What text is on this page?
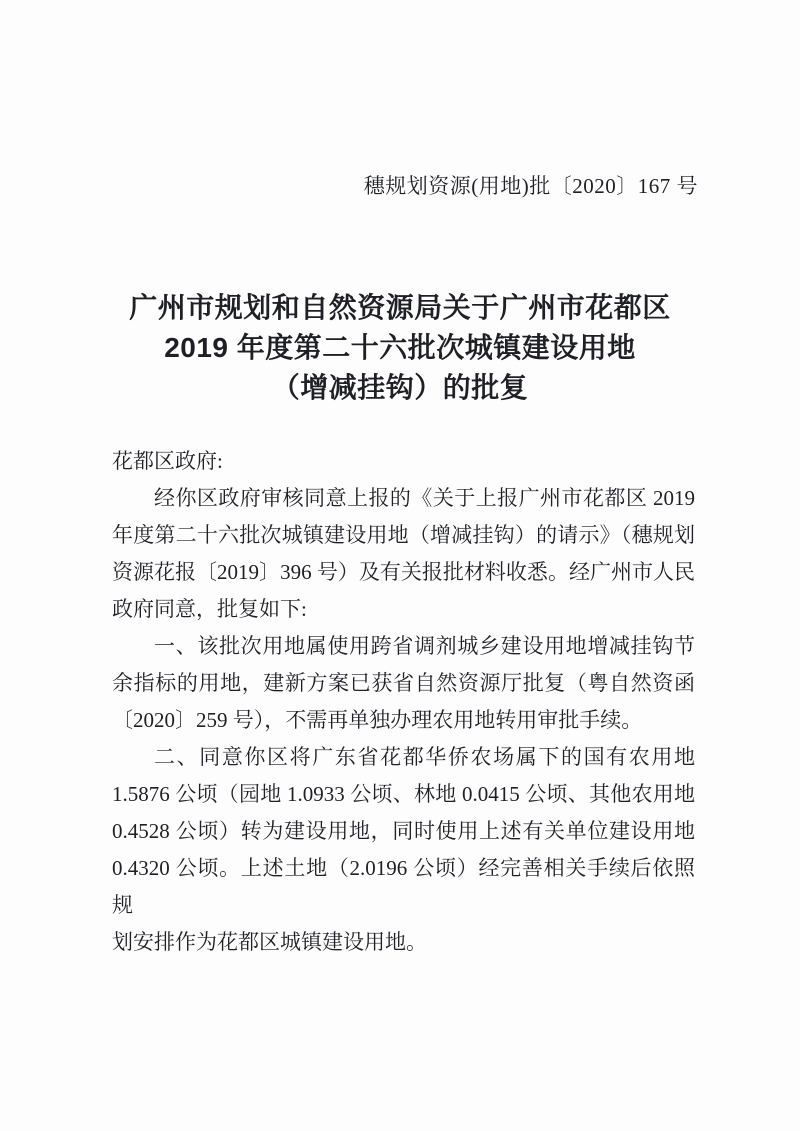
穗规划资源(用地)批〔2020〕167 号
广州市规划和自然资源局关于广州市花都区
2019 年度第二十六批次城镇建设用地
（增减挂钩）的批复
花都区政府:
经你区政府审核同意上报的《关于上报广州市花都区 2019
年度第二十六批次城镇建设用地（增减挂钩）的请示》（穗规划
资源花报〔2019〕396 号）及有关报批材料收悉。经广州市人民
政府同意，批复如下:
一、该批次用地属使用跨省调剂城乡建设用地增减挂钩节
余指标的用地，建新方案已获省自然资源厅批复（粤自然资函
〔2020〕259 号），不需再单独办理农用地转用审批手续。
二、同意你区将广东省花都华侨农场属下的国有农用地
1.5876 公顷（园地 1.0933 公顷、林地 0.0415 公顷、其他农用地
0.4528 公顷）转为建设用地，同时使用上述有关单位建设用地
0.4320 公顷。上述土地（2.0196 公顷）经完善相关手续后依照规
划安排作为花都区城镇建设用地。
